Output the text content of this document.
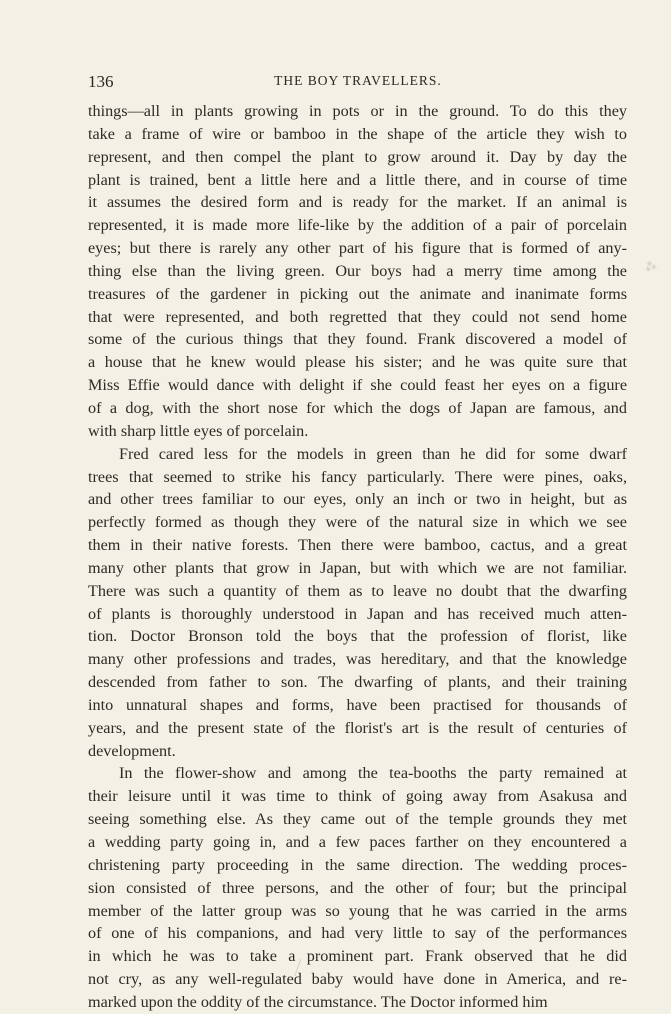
136	THE BOY TRAVELLERS.

things—all in plants growing in pots or in the ground. To do this they
take a frame of wire or bamboo in the shape of the article they wish to
represent, and then compel the plant to grow around it. Day by day the
plant is trained, bent a little here and a little there, and in course of time
it assumes the desired form and is ready for the market. If an animal is
represented, it is made more life-like by the addition of a pair of porcelain
eyes; but there is rarely any other part of his figure that is formed of any-
thing else than the living green. Our boys had a merry time among the
treasures of the gardener in picking out the animate and inanimate forms
that were represented, and both regretted that they could not send home
some of the curious things that they found. Frank discovered a model of
a house that he knew would please his sister; and he was quite sure that
Miss Effie would dance with delight if she could feast her eyes on a figure
of a dog, with the short nose for which the dogs of Japan are famous, and
with sharp little eyes of porcelain.

Fred cared less for the models in green than he did for some dwarf
trees that seemed to strike his fancy particularly. There were pines, oaks,
and other trees familiar to our eyes, only an inch or two in height, but as
perfectly formed as though they were of the natural size in which we see
them in their native forests. Then there were bamboo, cactus, and a great
many other plants that grow in Japan, but with which we are not familiar.
There was such a quantity of them as to leave no doubt that the dwarfing
of plants is thoroughly understood in Japan and has received much atten-
tion. Doctor Bronson told the boys that the profession of florist, like
many other professions and trades, was hereditary, and that the knowledge
descended from father to son. The dwarfing of plants, and their training
into unnatural shapes and forms, have been practised for thousands of
years, and the present state of the florist's art is the result of centuries of
development.

In the flower-show and among the tea-booths the party remained at
their leisure until it was time to think of going away from Asakusa and
seeing something else. As they came out of the temple grounds they met
a wedding party going in, and a few paces farther on they encountered a
christening party proceeding in the same direction. The wedding proces-
sion consisted of three persons, and the other of four; but the principal
member of the latter group was so young that he was carried in the arms
of one of his companions, and had very little to say of the performances
in which he was to take a prominent part. Frank observed that he did
not cry, as any well-regulated baby would have done in America, and re-
marked upon the oddity of the circumstance. The Doctor informed him

⁂
